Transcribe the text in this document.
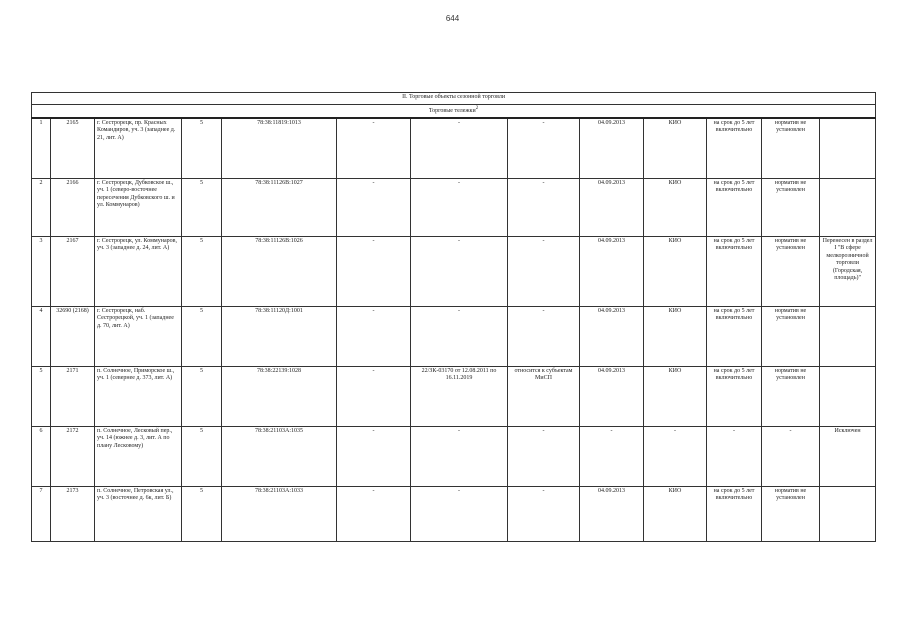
644
II. Торговые объекты сезонной торговли												
Торговые тележки$^2$
1	2165	г. Сестрорецк, пр. Красных Командиров, уч. 3 (западнее д. 21, лит. А)	5	78:38:11819:1013	-	-	-	04.09.2013	КИО	на срок до 5 лет включительно	норматив не установлен	
2	2166	г. Сестрорецк, Дубковское ш., уч. 1 (северо-восточнее пересечения Дубковского ш. и ул. Коммунаров)	5	78:38:11126В:1027	-	-	-	04.09.2013	КИО	на срок до 5 лет включительно	норматив не установлен	
3	2167	г. Сестрорецк, ул. Коммунаров, уч. 3 (западнее д. 24, лит. А)	5	78:38:11126В:1026	-	-	-	04.09.2013	КИО	на срок до 5 лет включительно	норматив не установлен	Перенесен в раздел I "В сфере мелкорозничной торговли (Городская, площадь)"
4	32690 (2168)	г. Сестрорецк, наб. Сестрорецкой, уч. 1 (западнее д. 70, лит. А)	5	78:38:11120Д:1001	-	-	-	04.09.2013	КИО	на срок до 5 лет включительно	норматив не установлен	
5	2171	п. Солнечное, Приморское ш., уч. 1 (севернее д. 373, лит. А)	5	78:38:22139:1028	-	22/ЗК-03170 от 12.08.2011 по 16.11.2019	относится к субъектам МиСП	04.09.2013	КИО	на срок до 5 лет включительно	норматив не установлен	
6	2172	п. Солнечное, Лесковый пер., уч. 14 (южнее д. 3, лит. А по плану Лесковому)	5	78:38:21103А:1035	-	-	-	-	-	-	-	Исключен
7	2173	п. Солнечное, Петровская ул., уч. 3 (восточнее д. 6к, лит. Б)	5	78:38:21103А:1033	-	-	-	04.09.2013	КИО	на срок до 5 лет включительно	норматив не установлен	
